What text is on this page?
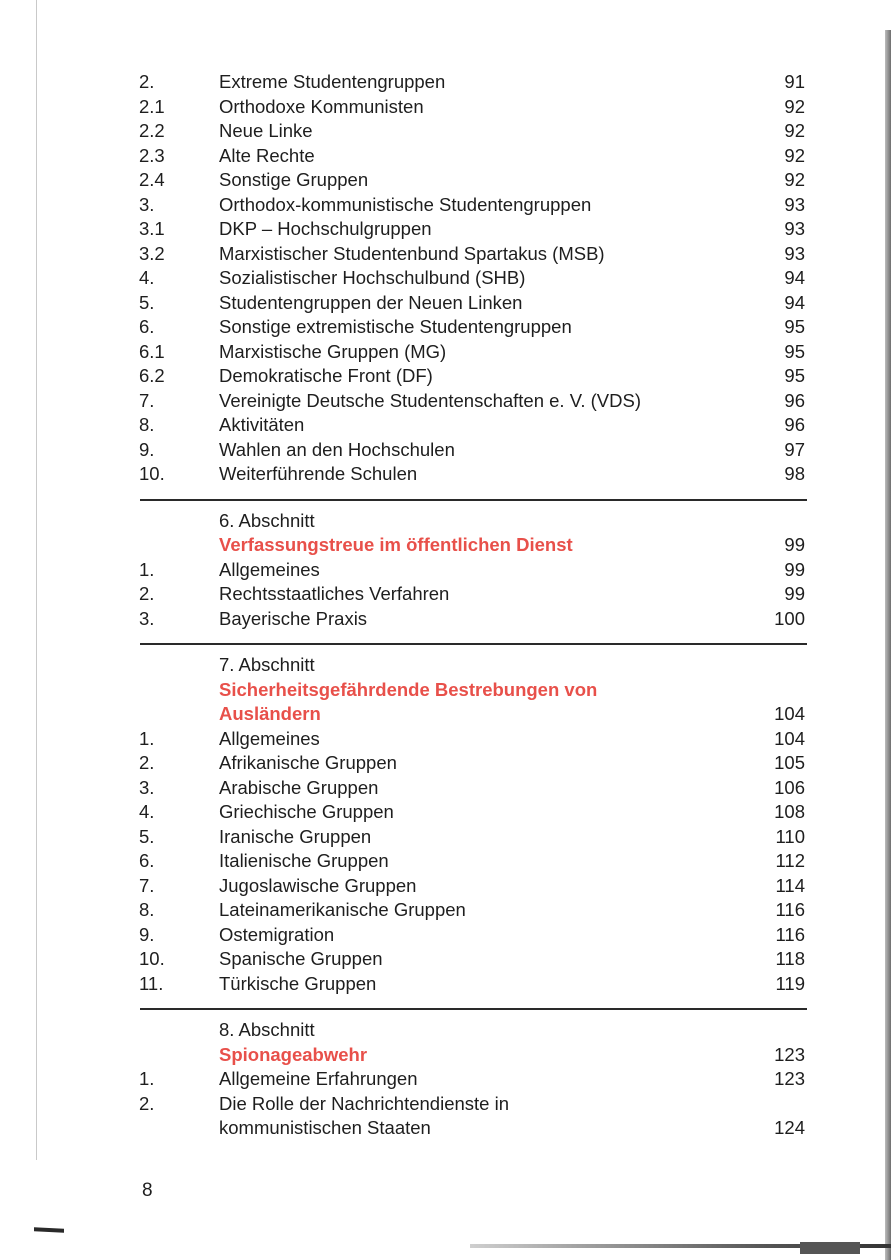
2.	Extreme Studentengruppen	91
2.1	Orthodoxe Kommunisten	92
2.2	Neue Linke	92
2.3	Alte Rechte	92
2.4	Sonstige Gruppen	92
3.	Orthodox-kommunistische Studentengruppen	93
3.1	DKP – Hochschulgruppen	93
3.2	Marxistischer Studentenbund Spartakus (MSB)	93
4.	Sozialistischer Hochschulbund (SHB)	94
5.	Studentengruppen der Neuen Linken	94
6.	Sonstige extremistische Studentengruppen	95
6.1	Marxistische Gruppen (MG)	95
6.2	Demokratische Front (DF)	95
7.	Vereinigte Deutsche Studentenschaften e. V. (VDS)	96
8.	Aktivitäten	96
9.	Wahlen an den Hochschulen	97
10.	Weiterführende Schulen	98
6. Abschnitt
Verfassungstreue im öffentlichen Dienst	99
1.	Allgemeines	99
2.	Rechtsstaatliches Verfahren	99
3.	Bayerische Praxis	100
7. Abschnitt
Sicherheitsgefährdende Bestrebungen von
Ausländern	104
1.	Allgemeines	104
2.	Afrikanische Gruppen	105
3.	Arabische Gruppen	106
4.	Griechische Gruppen	108
5.	Iranische Gruppen	110
6.	Italienische Gruppen	112
7.	Jugoslawische Gruppen	114
8.	Lateinamerikanische Gruppen	116
9.	Ostemigration	116
10.	Spanische Gruppen	118
11.	Türkische Gruppen	119
8. Abschnitt
Spionageabwehr	123
1.	Allgemeine Erfahrungen	123
2.	Die Rolle der Nachrichtendienste in
kommunistischen Staaten	124
8
